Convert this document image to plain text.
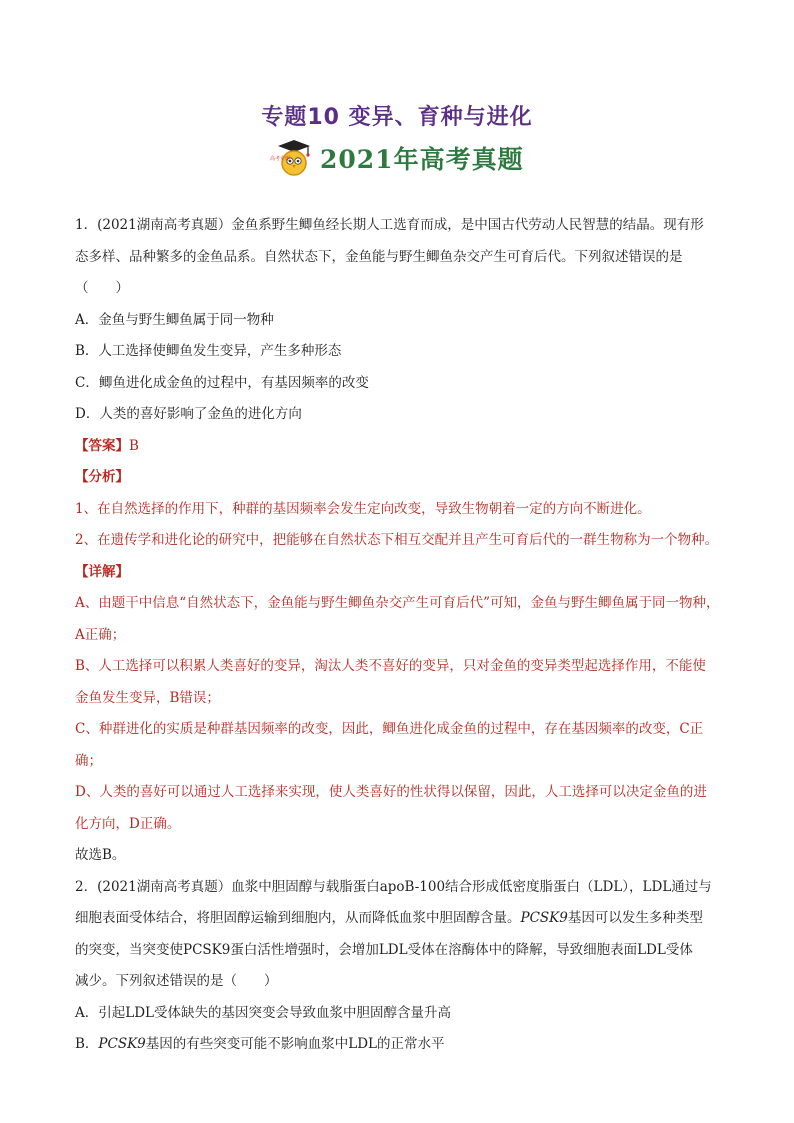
专题10 变异、育种与进化
高考专题 2021年高考真题

1．(2021湖南高考真题）金鱼系野生鲫鱼经长期人工选育而成，是中国古代劳动人民智慧的结晶。现有形

态多样、品种繁多的金鱼品系。自然状态下，金鱼能与野生鲫鱼杂交产生可育后代。下列叙述错误的是

（　　）

A．金鱼与野生鲫鱼属于同一物种

B．人工选择使鲫鱼发生变异，产生多种形态

C．鲫鱼进化成金鱼的过程中，有基因频率的改变

D．人类的喜好影响了金鱼的进化方向

【答案】B

【分析】

1、在自然选择的作用下，种群的基因频率会发生定向改变，导致生物朝着一定的方向不断进化。

2、在遗传学和进化论的研究中，把能够在自然状态下相互交配并且产生可育后代的一群生物称为一个物种。

【详解】

A、由题干中信息“自然状态下，金鱼能与野生鲫鱼杂交产生可育后代”可知，金鱼与野生鲫鱼属于同一物种，

A正确；

B、人工选择可以积累人类喜好的变异，淘汰人类不喜好的变异，只对金鱼的变异类型起选择作用，不能使

金鱼发生变异，B错误；

C、种群进化的实质是种群基因频率的改变，因此，鲫鱼进化成金鱼的过程中，存在基因频率的改变，C正

确；

D、人类的喜好可以通过人工选择来实现，使人类喜好的性状得以保留，因此，人工选择可以决定金鱼的进

化方向，D正确。

故选B。

2．(2021湖南高考真题）血浆中胆固醇与载脂蛋白apoB-100结合形成低密度脂蛋白（LDL），LDL通过与

细胞表面受体结合，将胆固醇运输到细胞内，从而降低血浆中胆固醇含量。PCSK9基因可以发生多种类型

的突变，当突变使PCSK9蛋白活性增强时，会增加LDL受体在溶酶体中的降解，导致细胞表面LDL受体

减少。下列叙述错误的是（　　）

A．引起LDL受体缺失的基因突变会导致血浆中胆固醇含量升高

B．PCSK9基因的有些突变可能不影响血浆中LDL的正常水平
